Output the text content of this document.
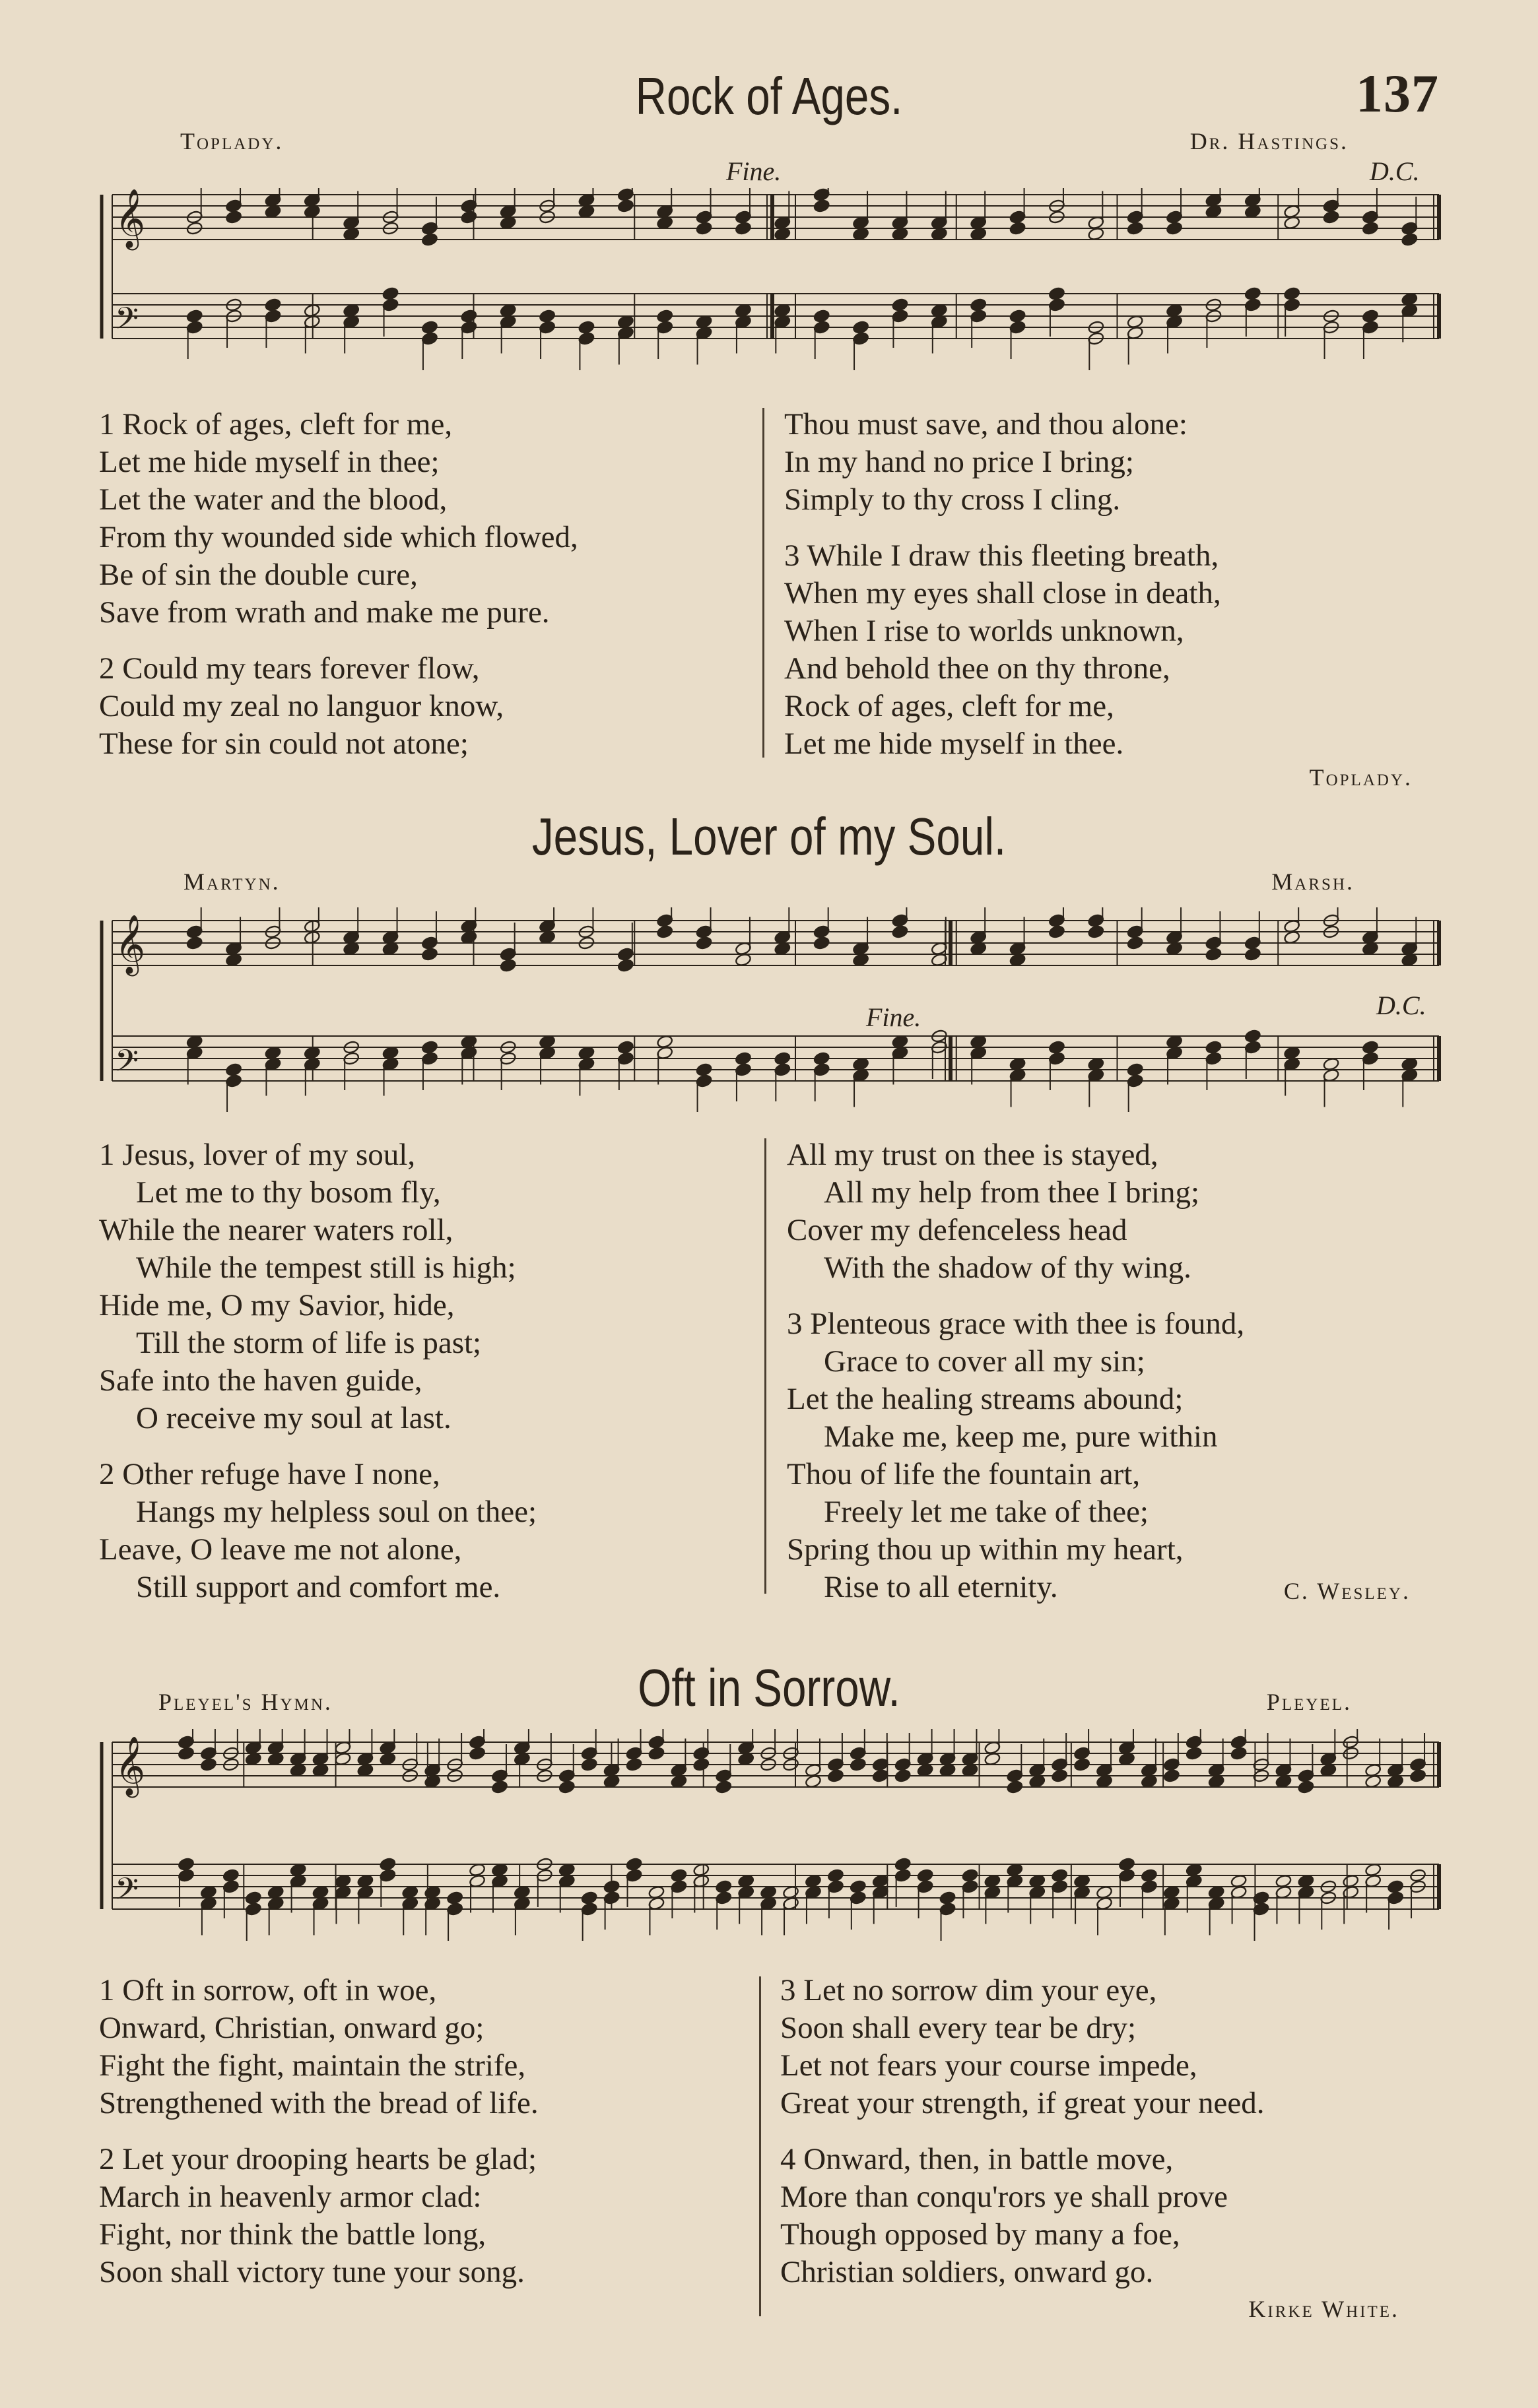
137
Rock of Ages.
Toplady.	Dr. Hastings.
Fine.	D.C.
𝄞
𝄢
1 Rock of ages, cleft for me,
Let me hide myself in thee;
Let the water and the blood,
From thy wounded side which flowed,
Be of sin the double cure,
Save from wrath and make me pure.
2 Could my tears forever flow,
Could my zeal no languor know,
These for sin could not atone;
Thou must save, and thou alone:
In my hand no price I bring;
Simply to thy cross I cling.
3 While I draw this fleeting breath,
When my eyes shall close in death,
When I rise to worlds unknown,
And behold thee on thy throne,
Rock of ages, cleft for me,
Let me hide myself in thee.
Toplady.
Jesus, Lover of my Soul.
Martyn.	Marsh.
𝄞
𝄢
Fine.	D.C.
1 Jesus, lover of my soul,
Let me to thy bosom fly,
While the nearer waters roll,
While the tempest still is high;
Hide me, O my Savior, hide,
Till the storm of life is past;
Safe into the haven guide,
O receive my soul at last.
2 Other refuge have I none,
Hangs my helpless soul on thee;
Leave, O leave me not alone,
Still support and comfort me.
All my trust on thee is stayed,
All my help from thee I bring;
Cover my defenceless head
With the shadow of thy wing.
3 Plenteous grace with thee is found,
Grace to cover all my sin;
Let the healing streams abound;
Make me, keep me, pure within
Thou of life the fountain art,
Freely let me take of thee;
Spring thou up within my heart,
Rise to all eternity.	C. Wesley.
Oft in Sorrow.
Pleyel's Hymn.	Pleyel.
𝄞
𝄢
1 Oft in sorrow, oft in woe,
Onward, Christian, onward go;
Fight the fight, maintain the strife,
Strengthened with the bread of life.
2 Let your drooping hearts be glad;
March in heavenly armor clad:
Fight, nor think the battle long,
Soon shall victory tune your song.
3 Let no sorrow dim your eye,
Soon shall every tear be dry;
Let not fears your course impede,
Great your strength, if great your need.
4 Onward, then, in battle move,
More than conqu'rors ye shall prove
Though opposed by many a foe,
Christian soldiers, onward go.
Kirke White.
